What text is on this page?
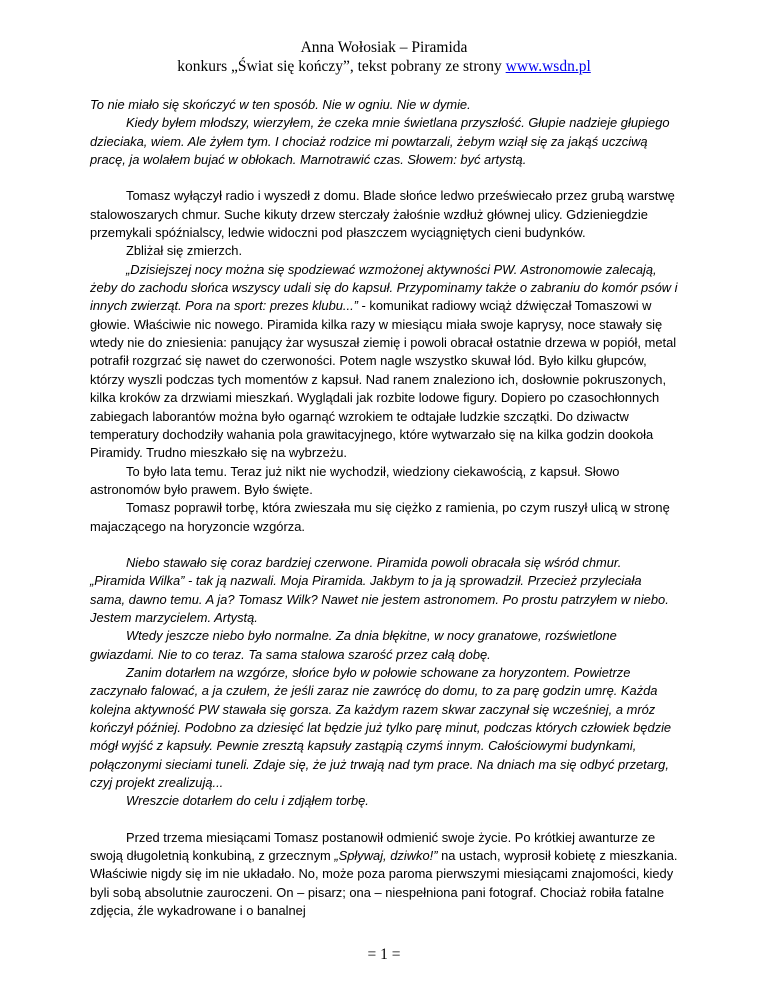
Anna Wołosiak – Piramida
konkurs „Świat się kończy”, tekst pobrany ze strony www.wsdn.pl

To nie miało się skończyć w ten sposób. Nie w ogniu. Nie w dymie.

Kiedy byłem młodszy, wierzyłem, że czeka mnie świetlana przyszłość. Głupie nadzieje głupiego dzieciaka, wiem. Ale żyłem tym. I chociaż rodzice mi powtarzali, żebym wziął się za jakąś uczciwą pracę, ja wolałem bujać w obłokach. Marnotrawić czas. Słowem: być artystą.

Tomasz wyłączył radio i wyszedł z domu. Blade słońce ledwo przeświecało przez grubą warstwę stalowoszarych chmur. Suche kikuty drzew sterczały żałośnie wzdłuż głównej ulicy. Gdzieniegdzie przemykali spóźnialscy, ledwie widoczni pod płaszczem wyciągniętych cieni budynków.

Zbliżał się zmierzch.

„Dzisiejszej nocy można się spodziewać wzmożonej aktywności PW. Astronomowie zalecają, żeby do zachodu słońca wszyscy udali się do kapsuł. Przypominamy także o zabraniu do komór psów i innych zwierząt. Pora na sport: prezes klubu...” - komunikat radiowy wciąż dźwięczał Tomaszowi w głowie. Właściwie nic nowego. Piramida kilka razy w miesiącu miała swoje kaprysy, noce stawały się wtedy nie do zniesienia: panujący żar wysuszał ziemię i powoli obracał ostatnie drzewa w popiół, metal potrafił rozgrzać się nawet do czerwoności. Potem nagle wszystko skuwał lód. Było kilku głupców, którzy wyszli podczas tych momentów z kapsuł. Nad ranem znaleziono ich, dosłownie pokruszonych, kilka kroków za drzwiami mieszkań. Wyglądali jak rozbite lodowe figury. Dopiero po czasochłonnych zabiegach laborantów można było ogarnąć wzrokiem te odtajałe ludzkie szczątki. Do dziwactw temperatury dochodziły wahania pola grawitacyjnego, które wytwarzało się na kilka godzin dookoła Piramidy. Trudno mieszkało się na wybrzeżu.

To było lata temu. Teraz już nikt nie wychodził, wiedziony ciekawością, z kapsuł. Słowo astronomów było prawem. Było święte.

Tomasz poprawił torbę, która zwieszała mu się ciężko z ramienia, po czym ruszył ulicą w stronę majaczącego na horyzoncie wzgórza.

Niebo stawało się coraz bardziej czerwone. Piramida powoli obracała się wśród chmur. „Piramida Wilka” - tak ją nazwali. Moja Piramida. Jakbym to ja ją sprowadził. Przecież przyleciała sama, dawno temu. A ja? Tomasz Wilk? Nawet nie jestem astronomem. Po prostu patrzyłem w niebo. Jestem marzycielem. Artystą.

Wtedy jeszcze niebo było normalne. Za dnia błękitne, w nocy granatowe, rozświetlone gwiazdami. Nie to co teraz. Ta sama stalowa szarość przez całą dobę.

Zanim dotarłem na wzgórze, słońce było w połowie schowane za horyzontem. Powietrze zaczynało falować, a ja czułem, że jeśli zaraz nie zawrócę do domu, to za parę godzin umrę. Każda kolejna aktywność PW stawała się gorsza. Za każdym razem skwar zaczynał się wcześniej, a mróz kończył później. Podobno za dziesięć lat będzie już tylko parę minut, podczas których człowiek będzie mógł wyjść z kapsuły. Pewnie zresztą kapsuły zastąpią czymś innym. Całościowymi budynkami, połączonymi sieciami tuneli. Zdaje się, że już trwają nad tym prace. Na dniach ma się odbyć przetarg, czyj projekt zrealizują...

Wreszcie dotarłem do celu i zdjąłem torbę.

Przed trzema miesiącami Tomasz postanowił odmienić swoje życie. Po krótkiej awanturze ze swoją długoletnią konkubiną, z grzecznym „Spływaj, dziwko!” na ustach, wyprosił kobietę z mieszkania. Właściwie nigdy się im nie układało. No, może poza paroma pierwszymi miesiącami znajomości, kiedy byli sobą absolutnie zauroczeni. On – pisarz; ona – niespełniona pani fotograf. Chociaż robiła fatalne zdjęcia, źle wykadrowane i o banalnej

= 1 =
